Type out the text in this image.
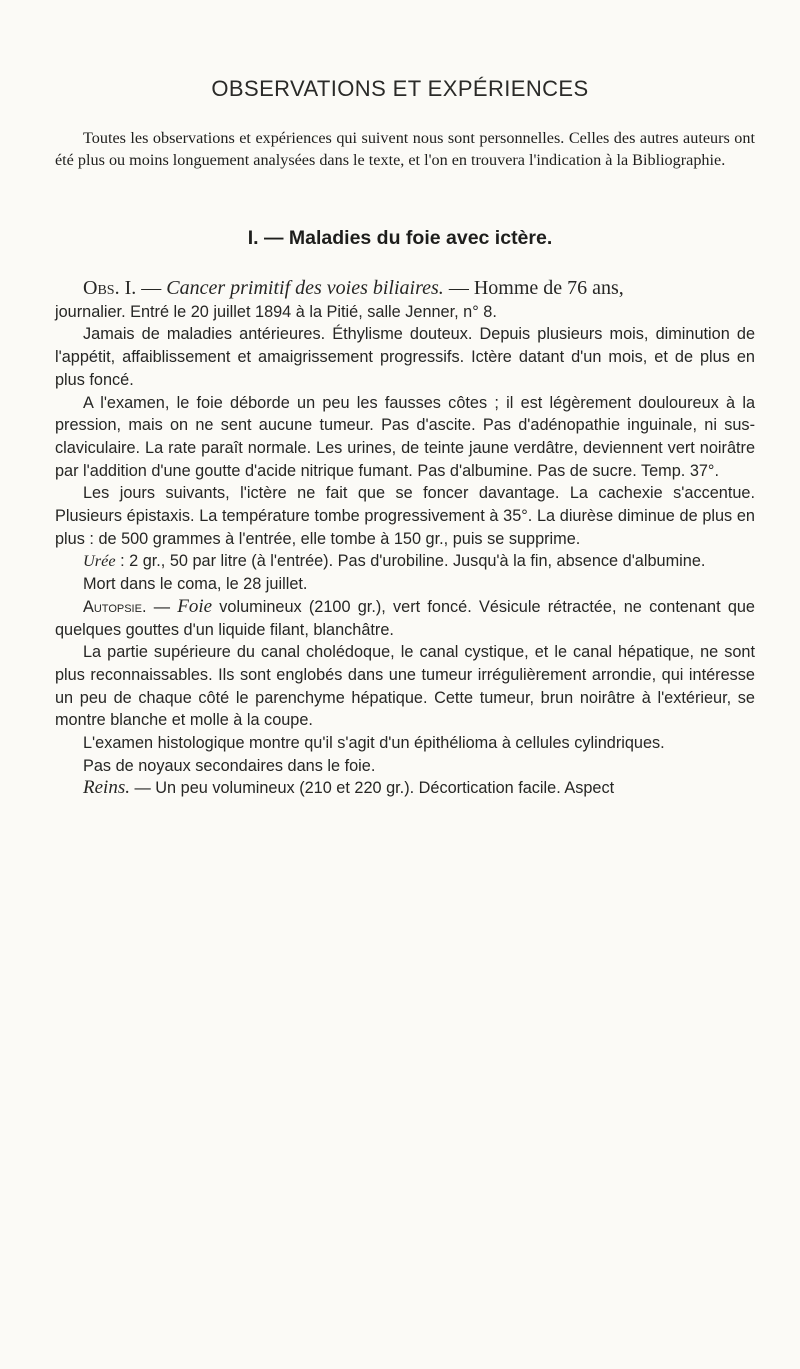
OBSERVATIONS ET EXPÉRIENCES

Toutes les observations et expériences qui suivent nous sont personnelles. Celles des autres auteurs ont été plus ou moins longuement analysées dans le texte, et l'on en trouvera l'indication à la Bibliographie.

I. — Maladies du foie avec ictère.

Obs. I. — Cancer primitif des voies biliaires. — Homme de 76 ans,

journalier. Entré le 20 juillet 1894 à la Pitié, salle Jenner, n° 8.

Jamais de maladies antérieures. Éthylisme douteux. Depuis plusieurs mois, diminution de l'appétit, affaiblissement et amaigrissement progressifs. Ictère datant d'un mois, et de plus en plus foncé.

A l'examen, le foie déborde un peu les fausses côtes ; il est légèrement douloureux à la pression, mais on ne sent aucune tumeur. Pas d'ascite. Pas d'adénopathie inguinale, ni sus-claviculaire. La rate paraît normale. Les urines, de teinte jaune verdâtre, deviennent vert noirâtre par l'addition d'une goutte d'acide nitrique fumant. Pas d'albumine. Pas de sucre. Temp. 37°.

Les jours suivants, l'ictère ne fait que se foncer davantage. La cachexie s'accentue. Plusieurs épistaxis. La température tombe progressivement à 35°. La diurèse diminue de plus en plus : de 500 grammes à l'entrée, elle tombe à 150 gr., puis se supprime.

Urée : 2 gr., 50 par litre (à l'entrée). Pas d'urobiline. Jusqu'à la fin, absence d'albumine.

Mort dans le coma, le 28 juillet.

Autopsie. — Foie volumineux (2100 gr.), vert foncé. Vésicule rétractée, ne contenant que quelques gouttes d'un liquide filant, blanchâtre.

La partie supérieure du canal cholédoque, le canal cystique, et le canal hépatique, ne sont plus reconnaissables. Ils sont englobés dans une tumeur irrégulièrement arrondie, qui intéresse un peu de chaque côté le parenchyme hépatique. Cette tumeur, brun noirâtre à l'extérieur, se montre blanche et molle à la coupe.

L'examen histologique montre qu'il s'agit d'un épithélioma à cellules cylindriques.

Pas de noyaux secondaires dans le foie.

Reins. — Un peu volumineux (210 et 220 gr.). Décortication facile. Aspect
